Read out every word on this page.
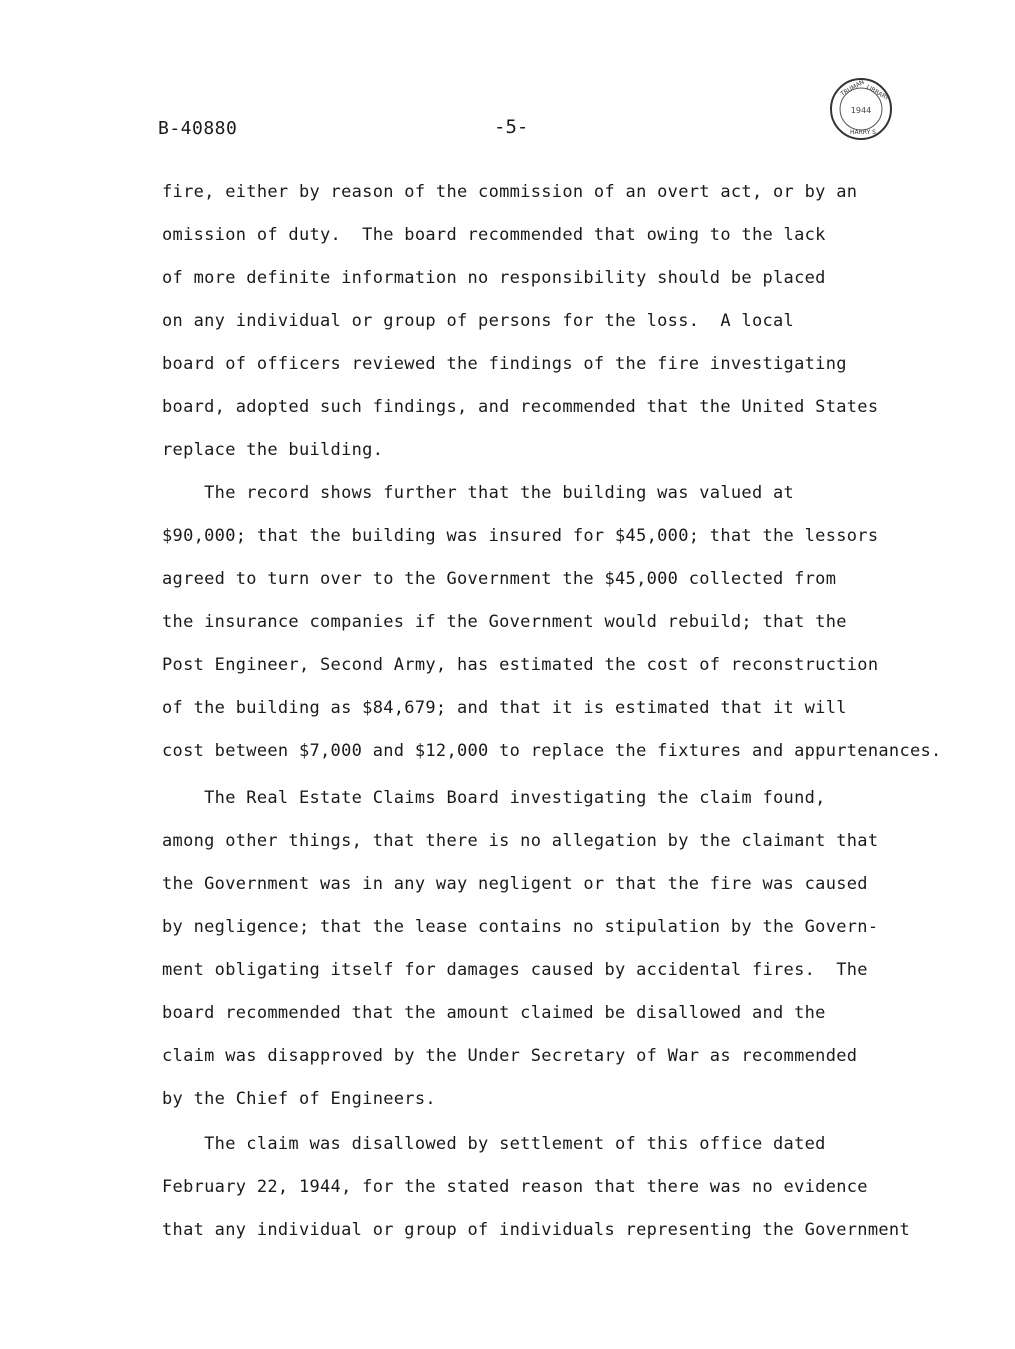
B-40880	-5-
1944
TRUMAN LIBRARY
HARRY S.
fire, either by reason of the commission of an overt act, or by an
omission of duty.  The board recommended that owing to the lack
of more definite information no responsibility should be placed
on any individual or group of persons for the loss.  A local
board of officers reviewed the findings of the fire investigating
board, adopted such findings, and recommended that the United States
replace the building.
The record shows further that the building was valued at
$90,000; that the building was insured for $45,000; that the lessors
agreed to turn over to the Government the $45,000 collected from
the insurance companies if the Government would rebuild; that the
Post Engineer, Second Army, has estimated the cost of reconstruction
of the building as $84,679; and that it is estimated that it will
cost between $7,000 and $12,000 to replace the fixtures and appurtenances.
The Real Estate Claims Board investigating the claim found,
among other things, that there is no allegation by the claimant that
the Government was in any way negligent or that the fire was caused
by negligence; that the lease contains no stipulation by the Govern-
ment obligating itself for damages caused by accidental fires.  The
board recommended that the amount claimed be disallowed and the
claim was disapproved by the Under Secretary of War as recommended
by the Chief of Engineers.
The claim was disallowed by settlement of this office dated
February 22, 1944, for the stated reason that there was no evidence
that any individual or group of individuals representing the Government
